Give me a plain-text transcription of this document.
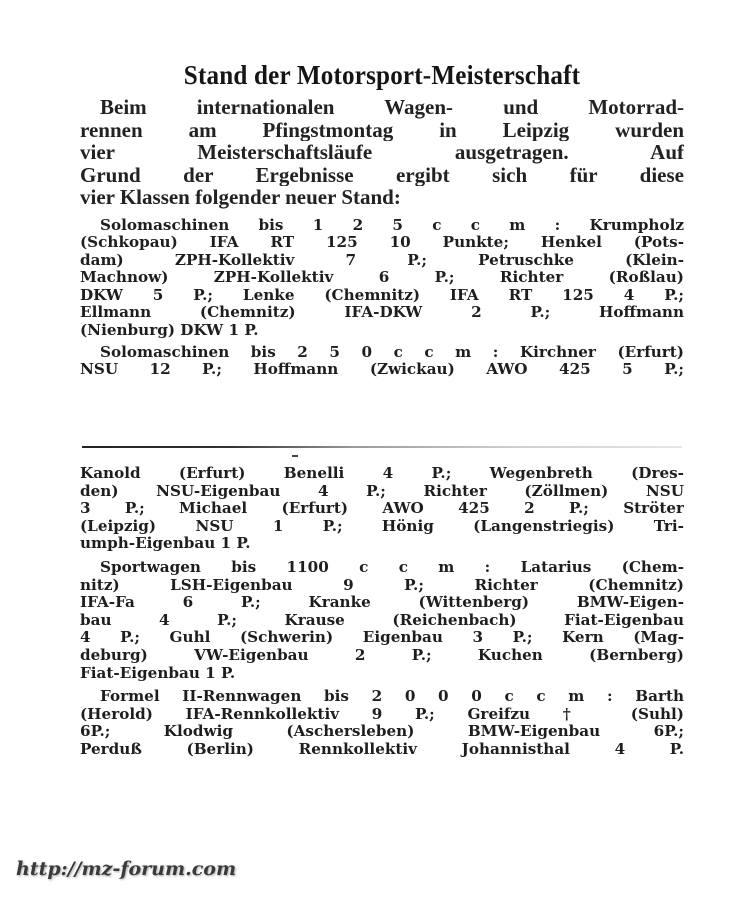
Stand der Motorsport-Meisterschaft
Beim internationalen Wagen- und Motorrad-
rennen am Pfingstmontag in Leipzig wurden
vier Meisterschaftsläufe ausgetragen. Auf
Grund der Ergebnisse ergibt sich für diese
vier Klassen folgender neuer Stand:
Solomaschinen bis 1 2 5 c c m : Krumpholz
(Schkopau) IFA RT 125 10 Punkte; Henkel (Pots-
dam) ZPH-Kollektiv 7 P.; Petruschke (Klein-
Machnow) ZPH-Kollektiv 6 P.; Richter (Roßlau)
DKW 5 P.; Lenke (Chemnitz) IFA RT 125 4 P.;
Ellmann (Chemnitz) IFA-DKW 2 P.; Hoffmann
(Nienburg) DKW 1 P.
Solomaschinen bis 2 5 0 c c m : Kirchner (Erfurt)
NSU 12 P.; Hoffmann (Zwickau) AWO 425 5 P.;
Kanold (Erfurt) Benelli 4 P.; Wegenbreth (Dres-
den) NSU-Eigenbau 4 P.; Richter (Zöllmen) NSU
3 P.; Michael (Erfurt) AWO 425 2 P.; Ströter
(Leipzig) NSU 1 P.; Hönig (Langenstriegis) Tri-
umph-Eigenbau 1 P.
Sportwagen bis 1100 c c m : Latarius (Chem-
nitz) LSH-Eigenbau 9 P.; Richter (Chemnitz)
IFA-Fa 6 P.; Kranke (Wittenberg) BMW-Eigen-
bau 4 P.; Krause (Reichenbach) Fiat-Eigenbau
4 P.; Guhl (Schwerin) Eigenbau 3 P.; Kern (Mag-
deburg) VW-Eigenbau 2 P.; Kuchen (Bernberg)
Fiat-Eigenbau 1 P.
Formel II-Rennwagen bis 2 0 0 0 c c m : Barth
(Herold) IFA-Rennkollektiv 9 P.; Greifzu † (Suhl)
6P.; Klodwig (Aschersleben) BMW-Eigenbau 6P.;
Perduß (Berlin) Rennkollektiv Johannisthal 4 P.
http://mz-forum.com
